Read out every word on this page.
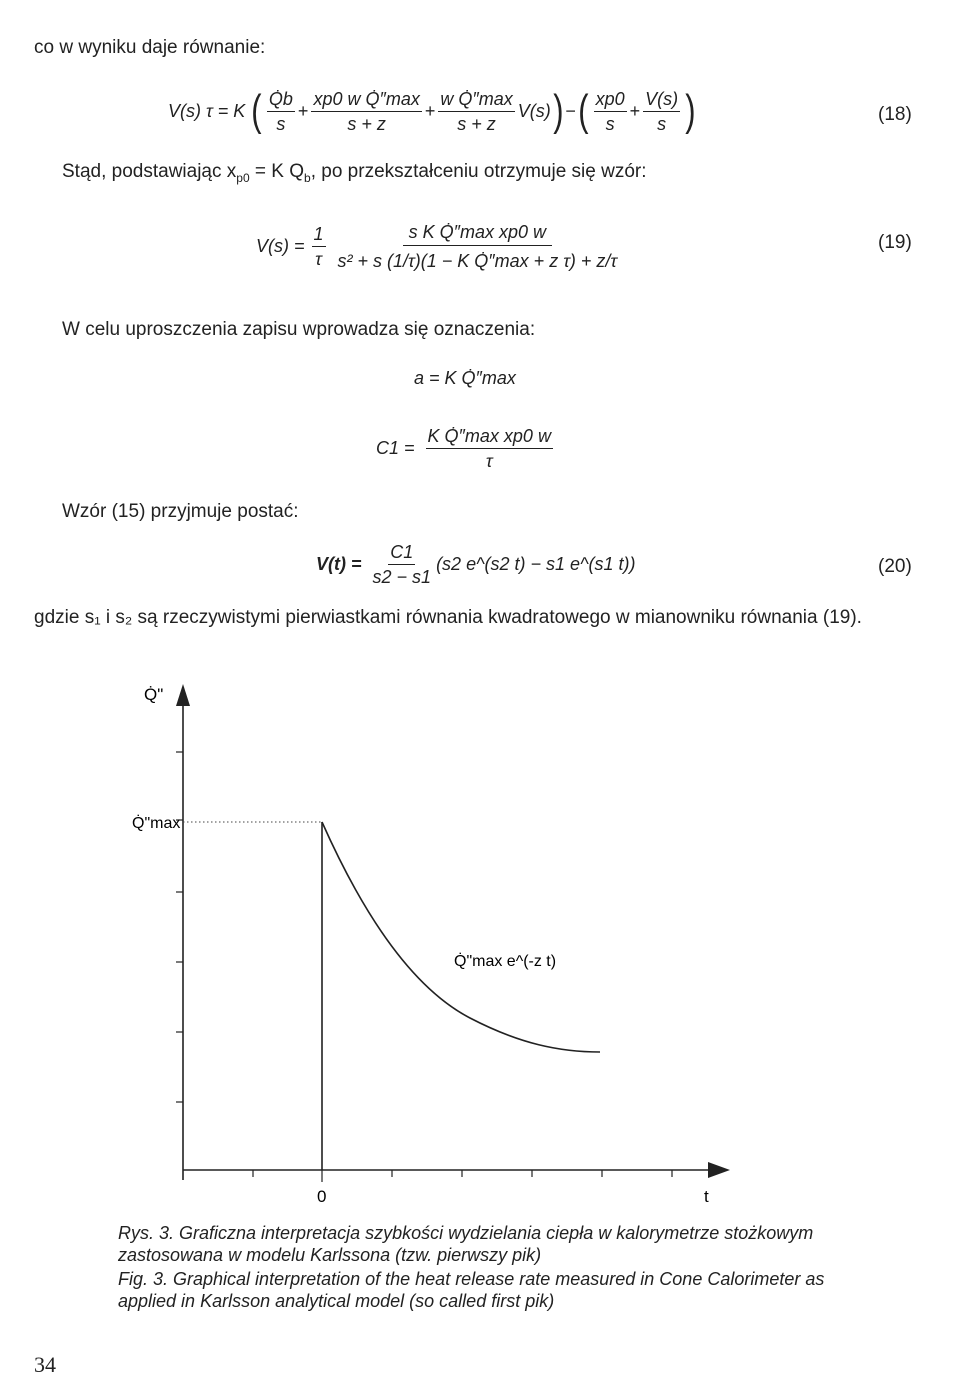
co w wyniku daje równanie:
V(s) τ = K ( $\frac{Q̇b}{s} + \frac{\text{xp0 w Q̇″max}}{s + z} + \frac{\text{w Q̇″max}}{s + z} V(s)$ ) − ( $\frac{xp0}{s} + \frac{V(s)}{s}$ )	(18)
Stąd, podstawiając $x_{p0} = K$ $Q_b$, po przekształceniu otrzymuje się wzór:
$V(s) = \frac{1}{\tau} \frac{\text{s K Q̇″max xp0 w}}{\text{s² + s (1/τ)(1 − K Q̇″max + z τ) + z/τ}}$	(19)
W celu uproszczenia zapisu wprowadza się oznaczenia:
a = K Q̇″max
$C1 = \frac{\text{K Q̇″max xp0 w}}{\tau}$
Wzór (15) przyjmuje postać:
$V(t) = \frac{C1}{s2 - s1} (s2$ e^(s2 t) − s1 e^(s1 t))	(20)
gdzie s₁ i s₂ są rzeczywistymi pierwiastkami równania kwadratowego w mianowniku równania (19).
Q̇"
Q̇"max
Q̇"max e^(-z t)
0	t
Rys. 3. Graficzna interpretacja szybkości wydzielania ciepła w kalorymetrze stożkowym zastosowana w modelu Karlssona (tzw. pierwszy pik)
Fig. 3. Graphical interpretation of the heat release rate measured in Cone Calorimeter as applied in Karlsson analytical model (so called first pik)
34
